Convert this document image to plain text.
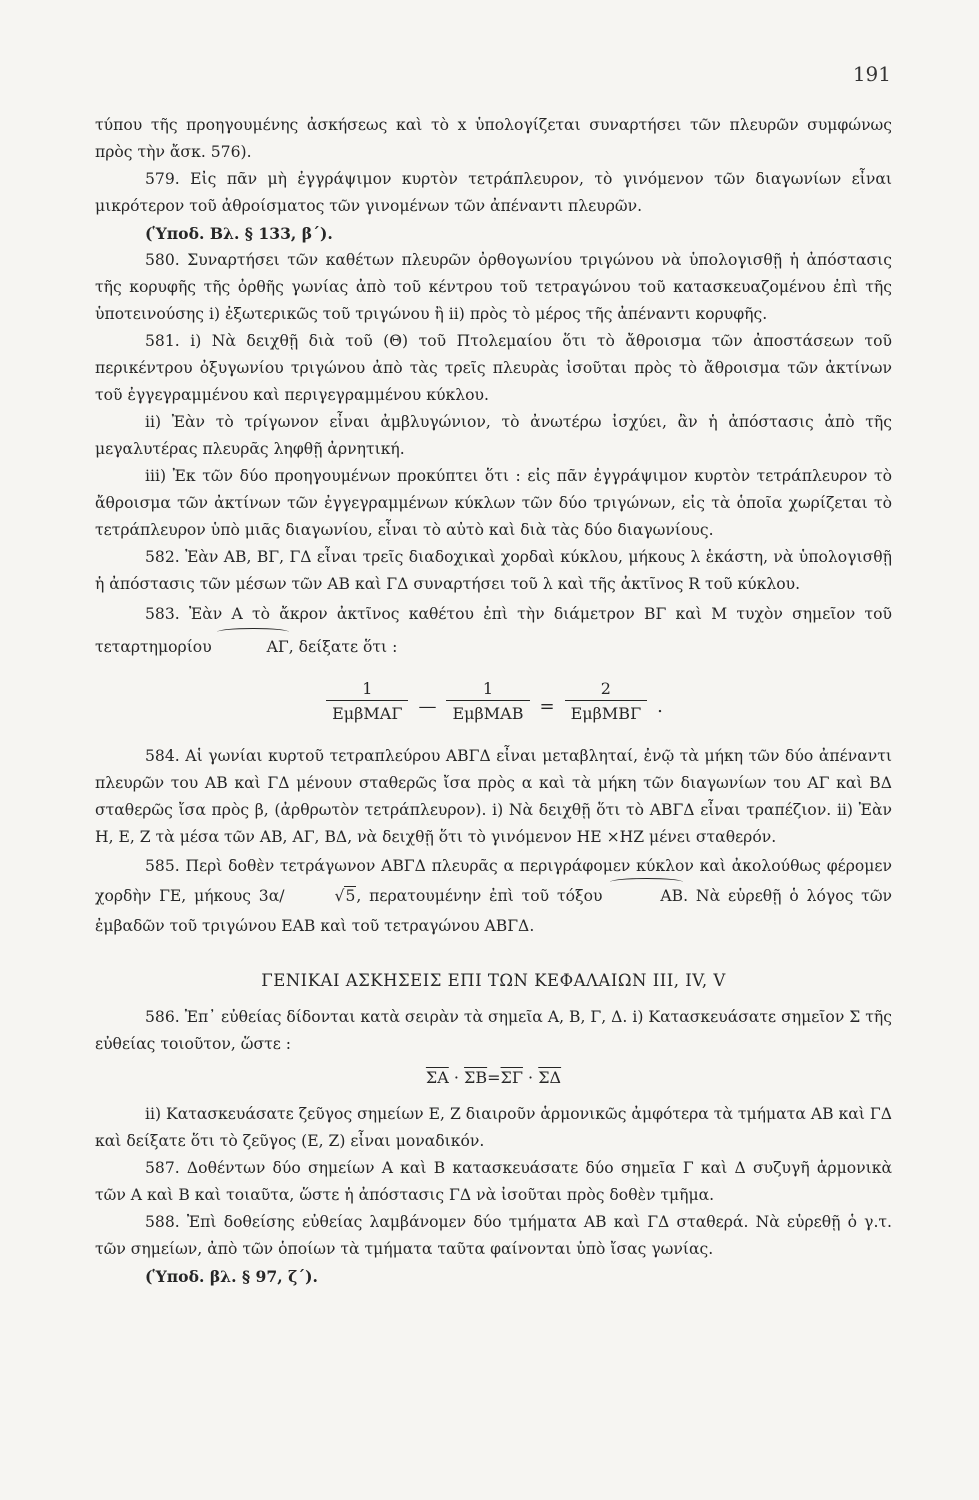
191

τύπου τῆς προηγουμένης ἀσκήσεως καὶ τὸ x ὑπολογίζεται συναρτήσει τῶν πλευρῶν συμφώνως πρὸς τὴν ἄσκ. 576).

579. Εἰς πᾶν μὴ ἐγγράψιμον κυρτὸν τετράπλευρον, τὸ γινόμενον τῶν διαγωνίων εἶναι μικρότερον τοῦ ἀθροίσματος τῶν γινομένων τῶν ἀπέναντι πλευρῶν.

(Ὑποδ. Βλ. § 133, β΄).

580. Συναρτήσει τῶν καθέτων πλευρῶν ὀρθογωνίου τριγώνου νὰ ὑπολογισθῇ ἡ ἀπόστασις τῆς κορυφῆς τῆς ὀρθῆς γωνίας ἀπὸ τοῦ κέντρου τοῦ τετραγώνου τοῦ κατασκευαζομένου ἐπὶ τῆς ὑποτεινούσης i) ἐξωτερικῶς τοῦ τριγώνου ἢ ii) πρὸς τὸ μέρος τῆς ἀπέναντι κορυφῆς.

581. i) Νὰ δειχθῇ διὰ τοῦ (Θ) τοῦ Πτολεμαίου ὅτι τὸ ἄθροισμα τῶν ἀποστάσεων τοῦ περικέντρου ὀξυγωνίου τριγώνου ἀπὸ τὰς τρεῖς πλευρὰς ἰσοῦται πρὸς τὸ ἄθροισμα τῶν ἀκτίνων τοῦ ἐγγεγραμμένου καὶ περιγεγραμμένου κύκλου.

ii) Ἐὰν τὸ τρίγωνον εἶναι ἀμβλυγώνιον, τὸ ἀνωτέρω ἰσχύει, ἂν ἡ ἀπόστασις ἀπὸ τῆς μεγαλυτέρας πλευρᾶς ληφθῇ ἀρνητική.

iii) Ἐκ τῶν δύο προηγουμένων προκύπτει ὅτι : εἰς πᾶν ἐγγράψιμον κυρτὸν τετράπλευρον τὸ ἄθροισμα τῶν ἀκτίνων τῶν ἐγγεγραμμένων κύκλων τῶν δύο τριγώνων, εἰς τὰ ὁποῖα χωρίζεται τὸ τετράπλευρον ὑπὸ μιᾶς διαγωνίου, εἶναι τὸ αὐτὸ καὶ διὰ τὰς δύο διαγωνίους.

582. Ἐὰν ΑΒ, ΒΓ, ΓΔ εἶναι τρεῖς διαδοχικαὶ χορδαὶ κύκλου, μήκους λ ἑκάστη, νὰ ὑπολογισθῇ ἡ ἀπόστασις τῶν μέσων τῶν ΑΒ καὶ ΓΔ συναρτήσει τοῦ λ καὶ τῆς ἀκτῖνος R τοῦ κύκλου.

583. Ἐὰν Α τὸ ἄκρον ἀκτῖνος καθέτου ἐπὶ τὴν διάμετρον ΒΓ καὶ Μ τυχὸν σημεῖον τοῦ τεταρτημορίου	ΑΓ, δείξατε ὅτι :

$\frac{1}{\text{ΕμβΜΑΓ}}$ — $\frac{1}{\text{ΕμβΜΑΒ}} = \frac{2}{\text{ΕμβΜΒΓ}}$ .

584. Αἱ γωνίαι κυρτοῦ τετραπλεύρου ΑΒΓΔ εἶναι μεταβληταί, ἐνῷ τὰ μήκη τῶν δύο ἀπέναντι πλευρῶν του ΑΒ καὶ ΓΔ μένουν σταθερῶς ἴσα πρὸς α καὶ τὰ μήκη τῶν διαγωνίων του ΑΓ καὶ ΒΔ σταθερῶς ἴσα πρὸς β, (ἀρθρωτὸν τετράπλευρον). i) Νὰ δειχθῇ ὅτι τὸ ΑΒΓΔ εἶναι τραπέζιον. ii) Ἐὰν Η, Ε, Ζ τὰ μέσα τῶν ΑΒ, ΑΓ, ΒΔ, νὰ δειχθῇ ὅτι τὸ γινόμενον ΗΕ ×ΗΖ μένει σταθερόν.

585. Περὶ δοθὲν τετράγωνον ΑΒΓΔ πλευρᾶς α περιγράφομεν κύκλον καὶ ἀκολούθως φέρομεν χορδὴν ΓΕ, μήκους 3α/	√5, περατουμένην ἐπὶ τοῦ τόξου	ΑΒ. Νὰ εὑρεθῇ ὁ λόγος τῶν ἐμβαδῶν τοῦ τριγώνου ΕΑΒ καὶ τοῦ τετραγώνου ΑΒΓΔ.

ΓΕΝΙΚΑΙ ΑΣΚΗΣΕΙΣ ΕΠΙ ΤΩΝ ΚΕΦΑΛΑΙΩΝ III, IV, V

586. Ἐπ᾽ εὐθείας δίδονται κατὰ σειρὰν τὰ σημεῖα Α, Β, Γ, Δ. i) Κατασκευάσατε σημεῖον Σ τῆς εὐθείας τοιοῦτον, ὥστε :

$\overline{\Sigma A} \cdot \overline{\Sigma B}=\overline{\Sigma\Gamma} \cdot \overline{\Sigma\Delta}$

ii) Κατασκευάσατε ζεῦγος σημείων Ε, Ζ διαιροῦν ἁρμονικῶς ἀμφότερα τὰ τμήματα ΑΒ καὶ ΓΔ καὶ δείξατε ὅτι τὸ ζεῦγος (Ε, Ζ) εἶναι μοναδικόν.

587. Δοθέντων δύο σημείων Α καὶ Β κατασκευάσατε δύο σημεῖα Γ καὶ Δ συζυγῆ ἁρμονικὰ τῶν Α καὶ Β καὶ τοιαῦτα, ὥστε ἡ ἀπόστασις ΓΔ νὰ ἰσοῦται πρὸς δοθὲν τμῆμα.

588. Ἐπὶ δοθείσης εὐθείας λαμβάνομεν δύο τμήματα ΑΒ καὶ ΓΔ σταθερά. Νὰ εὑρεθῇ ὁ γ.τ. τῶν σημείων, ἀπὸ τῶν ὁποίων τὰ τμήματα ταῦτα φαίνονται ὑπὸ ἴσας γωνίας.

(Ὑποδ. βλ. § 97, ζ΄).
